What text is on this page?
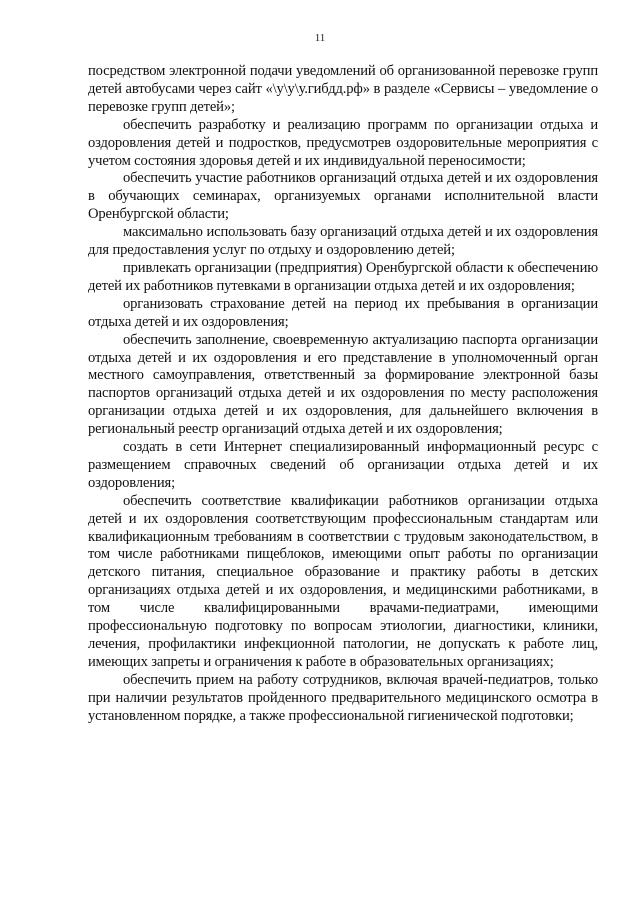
11

посредством электронной подачи уведомлений об организованной перевозке групп детей автобусами через сайт «\у\у\у.гибдд.рф» в разделе «Сервисы – уведомление о перевозке групп детей»;

обеспечить разработку и реализацию программ по организации отдыха и оздоровления детей и подростков, предусмотрев оздоровительные мероприятия с учетом состояния здоровья детей и их индивидуальной переносимости;

обеспечить участие работников организаций отдыха детей и их оздоровления в обучающих семинарах, организуемых органами исполнительной власти Оренбургской области;

максимально использовать базу организаций отдыха детей и их оздоровления для предоставления услуг по отдыху и оздоровлению детей;

привлекать организации (предприятия) Оренбургской области к обеспечению детей их работников путевками в организации отдыха детей и их оздоровления;

организовать страхование детей на период их пребывания в организации отдыха детей и их оздоровления;

обеспечить заполнение, своевременную актуализацию паспорта организации отдыха детей и их оздоровления и его представление в уполномоченный орган местного самоуправления, ответственный за формирование электронной базы паспортов организаций отдыха детей и их оздоровления по месту расположения организации отдыха детей и их оздоровления, для дальнейшего включения в региональный реестр организаций отдыха детей и их оздоровления;

создать в сети Интернет специализированный информационный ресурс с размещением справочных сведений об организации отдыха детей и их оздоровления;

обеспечить соответствие квалификации работников организации отдыха детей и их оздоровления соответствующим профессиональным стандартам или квалификационным требованиям в соответствии с трудовым законодательством, в том числе работниками пищеблоков, имеющими опыт работы по организации детского питания, специальное образование и практику работы в детских организациях отдыха детей и их оздоровления, и медицинскими работниками, в том числе квалифицированными врачами-педиатрами, имеющими профессиональную подготовку по вопросам этиологии, диагностики, клиники, лечения, профилактики инфекционной патологии, не допускать к работе лиц, имеющих запреты и ограничения к работе в образовательных организациях;

обеспечить прием на работу сотрудников, включая врачей-педиатров, только при наличии результатов пройденного предварительного медицинского осмотра в установленном порядке, а также профессиональной гигиенической подготовки;
